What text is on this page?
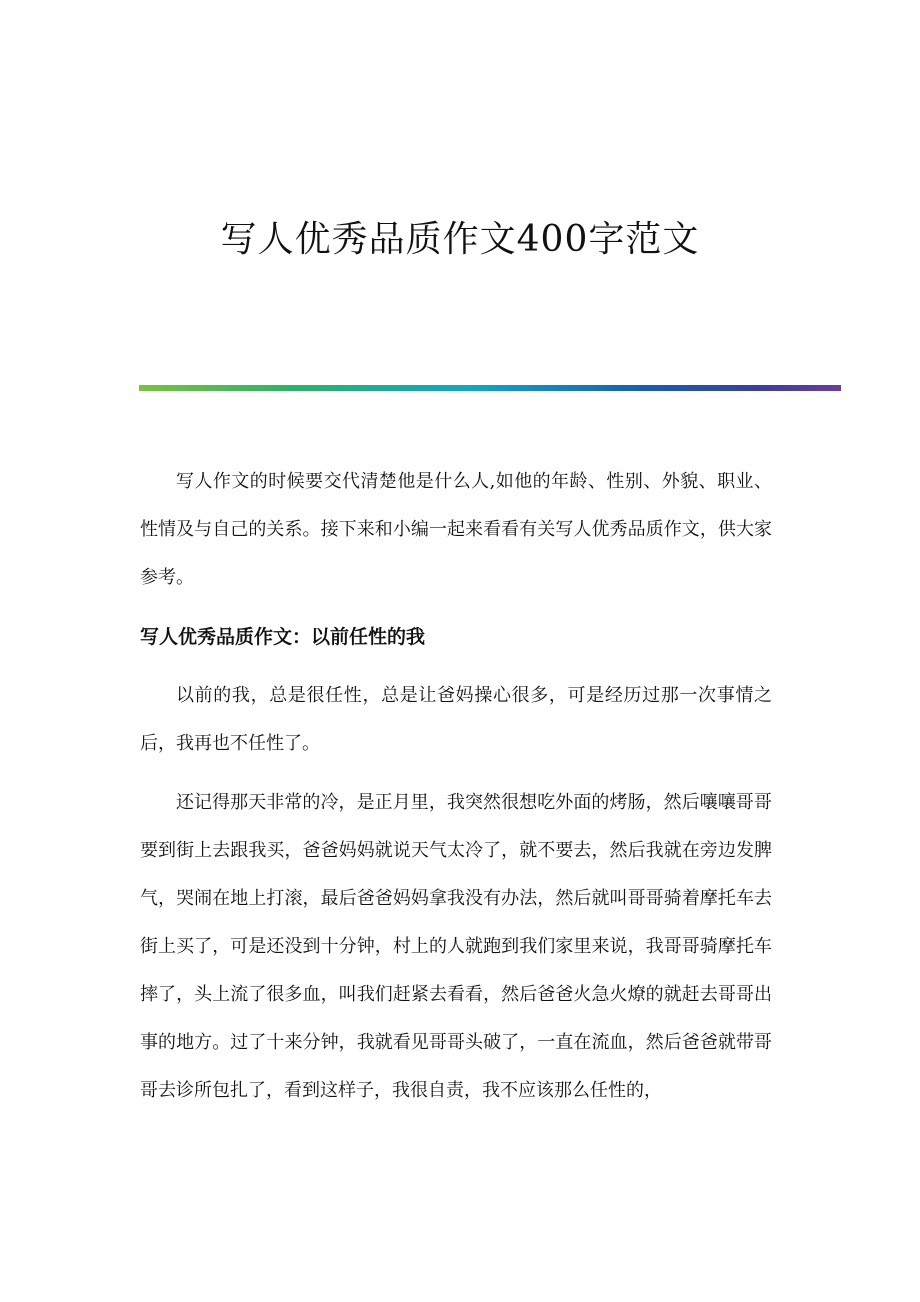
写人优秀品质作文400字范文

写人作文的时候要交代清楚他是什么人,如他的年龄、性别、外貌、职业、性情及与自己的关系。接下来和小编一起来看看有关写人优秀品质作文，供大家参考。

写人优秀品质作文：以前任性的我

以前的我，总是很任性，总是让爸妈操心很多，可是经历过那一次事情之后，我再也不任性了。

还记得那天非常的冷，是正月里，我突然很想吃外面的烤肠，然后嚷嚷哥哥要到街上去跟我买，爸爸妈妈就说天气太冷了，就不要去，然后我就在旁边发脾气，哭闹在地上打滚，最后爸爸妈妈拿我没有办法，然后就叫哥哥骑着摩托车去街上买了，可是还没到十分钟，村上的人就跑到我们家里来说，我哥哥骑摩托车摔了，头上流了很多血，叫我们赶紧去看看，然后爸爸火急火燎的就赶去哥哥出事的地方。过了十来分钟，我就看见哥哥头破了，一直在流血，然后爸爸就带哥哥去诊所包扎了，看到这样子，我很自责，我不应该那么任性的，
